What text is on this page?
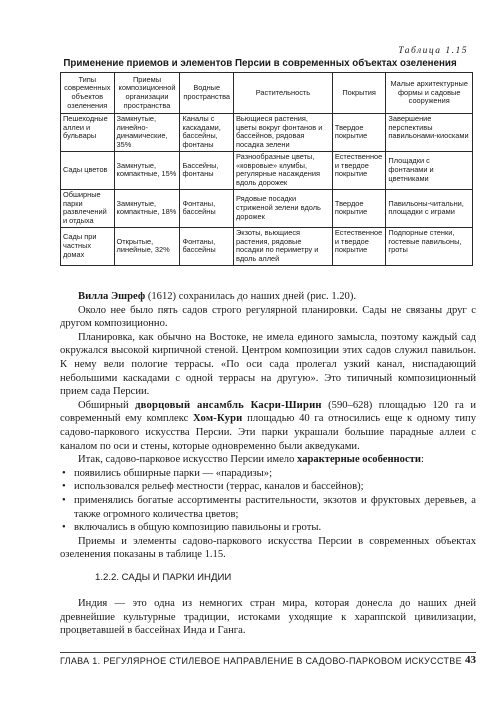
Таблица 1.15
Применение приемов и элементов Персии в современных объектах озеленения
Типы современных объектов озеленения	Приемы композиционной организации пространства	Водные пространства	Растительность	Покрытия	Малые архитектурные формы и садовые сооружения
Пешеходные аллеи и бульвары	Замкнутые, линейно-динамические, 35%	Каналы с каскадами, бассейны, фонтаны	Вьющиеся растения, цветы вокруг фонтанов и бассейнов, рядовая посадка зелени	Твердое покрытие	Завершение перспективы павильонами-киосками
Сады цветов	Замкнутые, компактные, 15%	Бассейны, фонтаны	Разнообразные цветы, «ковровые» клумбы, регулярные насаждения вдоль дорожек	Естественное и твердое покрытие	Площадки с фонтанами и цветниками
Обширные парки развлечений и отдыха	Замкнутые, компактные, 18%	Фонтаны, бассейны	Рядовые посадки стриженой зелени вдоль дорожек	Твердое покрытие	Павильоны-читальни, площадки с играми
Сады при частных домах	Открытые, линейные, 32%	Фонтаны, бассейны	Экзоты, вьющиеся растения, рядовые посадки по периметру и вдоль аллей	Естественное и твердое покрытие	Подпорные стенки, гостевые павильоны, гроты

Вилла Эшреф (1612) сохранилась до наших дней (рис. 1.20).

Около нее было пять садов строго регулярной планировки. Сады не связаны друг с другом композиционно.

Планировка, как обычно на Востоке, не имела единого замысла, поэтому каждый сад окружался высокой кирпичной стеной. Центром композиции этих садов служил павильон. К нему вели пологие террасы. «По оси сада пролегал узкий канал, ниспадающий небольшими каскадами с одной террасы на другую». Это типичный композиционный прием сада Персии.

Обширный дворцовый ансамбль Касри-Ширин (590–628) площадью 120 га и современный ему комплекс Хом-Кури площадью 40 га относились еще к одному типу садово-паркового искусства Персии. Эти парки украшали большие парадные аллеи с каналом по оси и стены, которые одновременно были акведуками.

Итак, садово-парковое искусство Персии имело характерные особенности:

• появились обширные парки — «парадизы»;
• использовался рельеф местности (террас, каналов и бассейнов);
• применялись богатые ассортименты растительности, экзотов и фруктовых деревьев, а также огромного количества цветов;
• включались в общую композицию павильоны и гроты.

Приемы и элементы садово-паркового искусства Персии в современных объектах озеленения показаны в таблице 1.15.

1.2.2. САДЫ И ПАРКИ ИНДИИ

Индия — это одна из немногих стран мира, которая донесла до наших дней древнейшие культурные традиции, истоками уходящие к хараппской цивилизации, процветавшей в бассейнах Инда и Ганга.

ГЛАВА 1. РЕГУЛЯРНОЕ СТИЛЕВОЕ НАПРАВЛЕНИЕ В САДОВО-ПАРКОВОМ ИСКУССТВЕ 43
